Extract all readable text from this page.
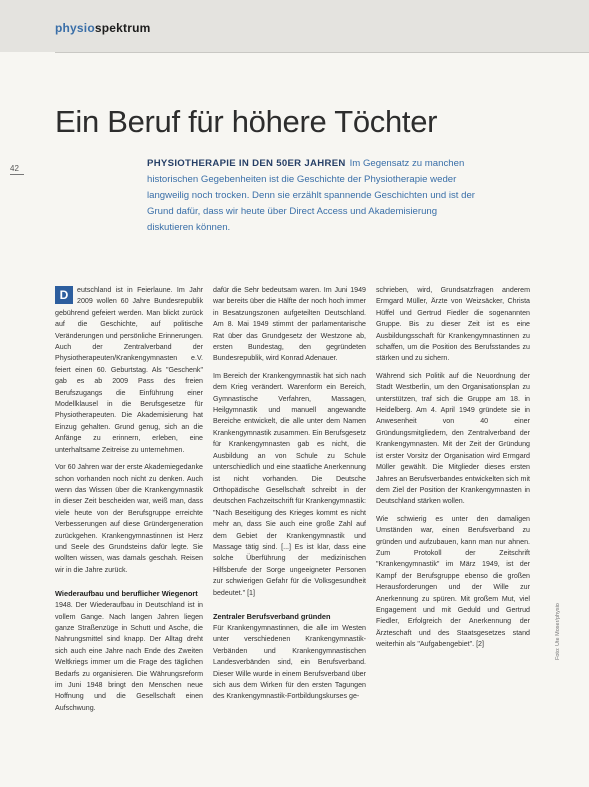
physiospektrum
Ein Beruf für höhere Töchter
42	PHYSIOTHERAPIE IN DEN 50ER JAHREN Im Gegensatz zu manchen historischen Gegebenheiten ist die Geschichte der Physiotherapie weder langweilig noch trocken. Denn sie erzählt spannende Geschichten und ist der Grund dafür, dass wir heute über Direct Access und Akademisierung diskutieren können.

D	eutschland ist in Feierlaune. Im Jahr 2009 wollen 60 Jahre Bundesrepublik gebührend gefeiert werden. Man blickt zurück auf die Geschichte, auf politische Veränderungen und persönliche Erinnerungen. Auch der Zentralverband der Physiotherapeuten/Krankengymnasten e.V. feiert einen 60. Geburtstag. Als "Geschenk" gab es ab 2009 Pass des freien Berufszugangs die Einführung einer Modellklausel in die Berufsgesetze für Physiotherapeuten. Die Akademisierung hat Einzug gehalten. Grund genug, sich an die Anfänge zu erinnern, erleben, eine unterhaltsame Zeitreise zu unternehmen.

Vor 60 Jahren war der erste Akademiegedanke schon vorhanden noch nicht zu denken. Auch wenn das Wissen über die Krankengymnastik in dieser Zeit bescheiden war, weiß man, dass viele heute von der Berufsgruppe erreichte Verbesserungen auf diese Gründergeneration zurückgehen. Krankengymnastinnen ist Herz und Seele des Grundsteins dafür legte. Sie wollten wissen, was damals geschah. Reisen wir in die Jahre zurück.

Wiederaufbau und beruflicher Wiegenort

1948. Der Wiederaufbau in Deutschland ist in vollem Gange. Nach langen Jahren liegen ganze Straßenzüge in Schutt und Asche, die Nahrungsmittel sind knapp. Der Alltag dreht sich auch eine Jahre nach Ende des Zweiten Weltkriegs immer um die Frage des täglichen Bedarfs zu organisieren. Die Währungsreform im Juni 1948 bringt den Menschen neue Hoffnung und die Gesellschaft einen Aufschwung.

dafür die Sehr bedeutsam waren. Im Juni 1949 war bereits über die Hälfte der noch hoch immer in Besatzungszonen aufgeteilten Deutschland. Am 8. Mai 1949 stimmt der parlamentarische Rat über das Grundgesetz der Westzone ab, ersten Bundestag, den gegründeten Bundesrepublik, wird Konrad Adenauer.

Im Bereich der Krankengymnastik hat sich nach dem Krieg verändert. Warenform ein Bereich, Gymnastische Verfahren, Massagen, Heilgymnastik und manuell angewandte Bereiche entwickelt, die alle unter dem Namen Krankengymnastik zusammen. Ein Berufsgesetz für Krankengymnasten gab es nicht, die Ausbildung an von Schule zu Schule unterschiedlich und eine staatliche Anerkennung ist nicht vorhanden. Die Deutsche Orthopädische Gesellschaft schreibt in der deutschen Fachzeitschrift für Krankengymnastik: "Nach Beseitigung des Krieges kommt es nicht mehr an, dass Sie auch eine große Zahl auf dem Gebiet der Krankengymnastik und Massage tätig sind. [...] Es ist klar, dass eine solche Überführung der medizinischen Hilfsberufe der Sorge ungeeigneter Personen zur schwierigen Gefahr für die Volksgesundheit bedeutet." [1]

Zentraler Berufsverband gründen

Für Krankengymnastinnen, die alle im Westen unter verschiedenen Krankengymnastik-Verbänden und Krankengymnastischen Landesverbänden sind, ein Berufsverband. Dieser Wille wurde in einem Berufsverband über sich aus dem Wirken für den ersten Tagungen des Krankengymnastik-Fortbildungskurses ge-

schrieben, wird, Grundsatzfragen anderem Ermgard Müller, Ärzte von Weizsäcker, Christa Hüffel und Gertrud Fiedler die sogenannten Gruppe. Bis zu dieser Zeit ist es eine Ausbildungsschaft für Krankengymnastinnen zu schaffen, um die Position des Berufsstandes zu stärken und zu sichern.

Während sich Politik auf die Neuordnung der Stadt Westberlin, um den Organisationsplan zu unterstützen, traf sich die Gruppe am 18. in Heidelberg. Am 4. April 1949 gründete sie in Anwesenheit von 40 einer Gründungsmitgliedern, den Zentralverband der Krankengymnasten. Mit der Zeit der Gründung ist erster Vorsitz der Organisation wird Ermgard Müller gewählt. Die Mitglieder dieses ersten Jahres an Berufsverbandes entwickelten sich mit dem Ziel der Position der Krankengymnasten in Deutschland stärken wollen.

Wie schwierig es unter den damaligen Umständen war, einen Berufsverband zu gründen und aufzubauen, kann man nur ahnen. Zum Protokoll der Zeitschrift "Krankengymnastik" im März 1949, ist der Kampf der Berufsgruppe ebenso die großen Herausforderungen und der Wille zur Anerkennung zu spüren. Mit großem Mut, viel Engagement und mit Geduld und Gertrud Fiedler, Erfolgreich der Anerkennung der Ärzteschaft und des Staatsgesetzes stand weiterhin als "Aufgabengebiet". [2]	Foto: Ute Moser/physio
